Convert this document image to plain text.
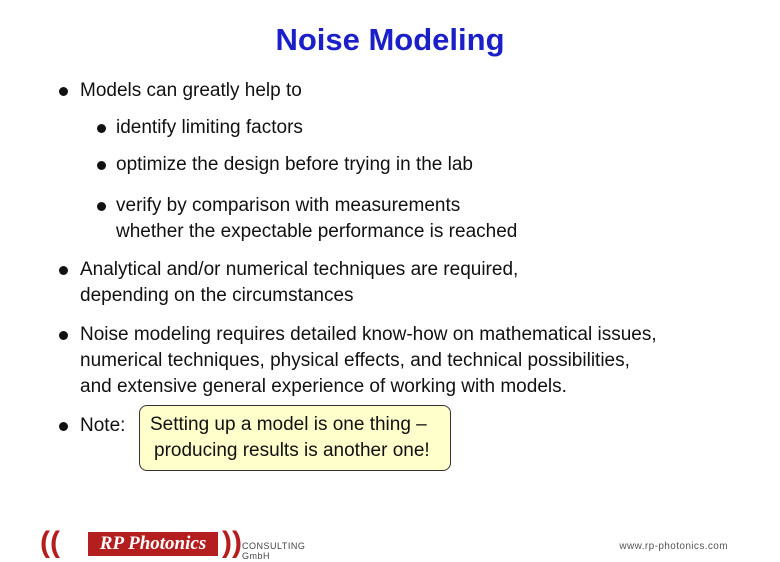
Noise Modeling
Models can greatly help to
identify limiting factors
optimize the design before trying in the lab
verify by comparison with measurements
whether the expectable performance is reached
Analytical and/or numerical techniques are required,
depending on the circumstances
Noise modeling requires detailed know-how on mathematical issues,
numerical techniques, physical effects, and technical possibilities,
and extensive general experience of working with models.
Note: Setting up a model is one thing –
producing results is another one!
((	RP Photonics )) CONSULTING GmbH
www.rp-photonics.com
